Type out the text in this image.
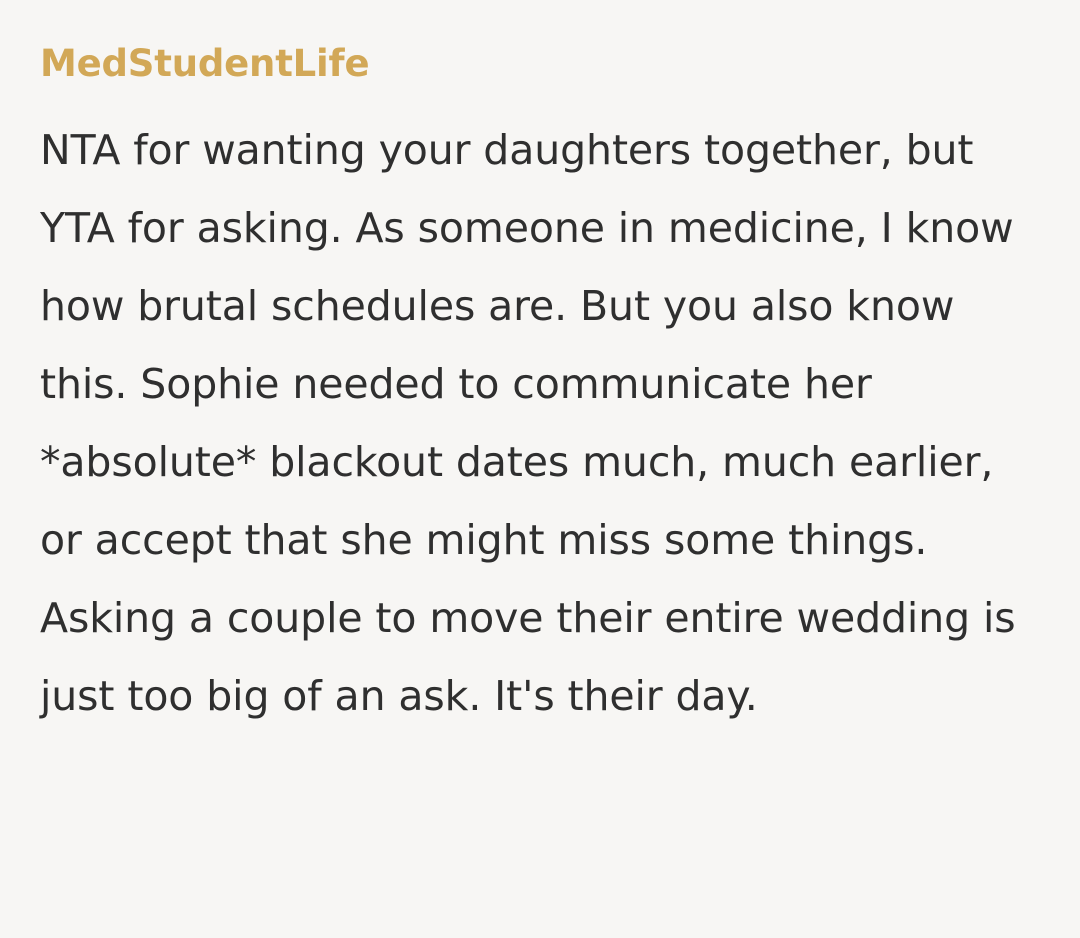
MedStudentLife
NTA for wanting your daughters together, but YTA for asking. As someone in medicine, I know how brutal schedules are. But you also know this. Sophie needed to communicate her *absolute* blackout dates much, much earlier, or accept that she might miss some things. Asking a couple to move their entire wedding is just too big of an ask. It's their day.
